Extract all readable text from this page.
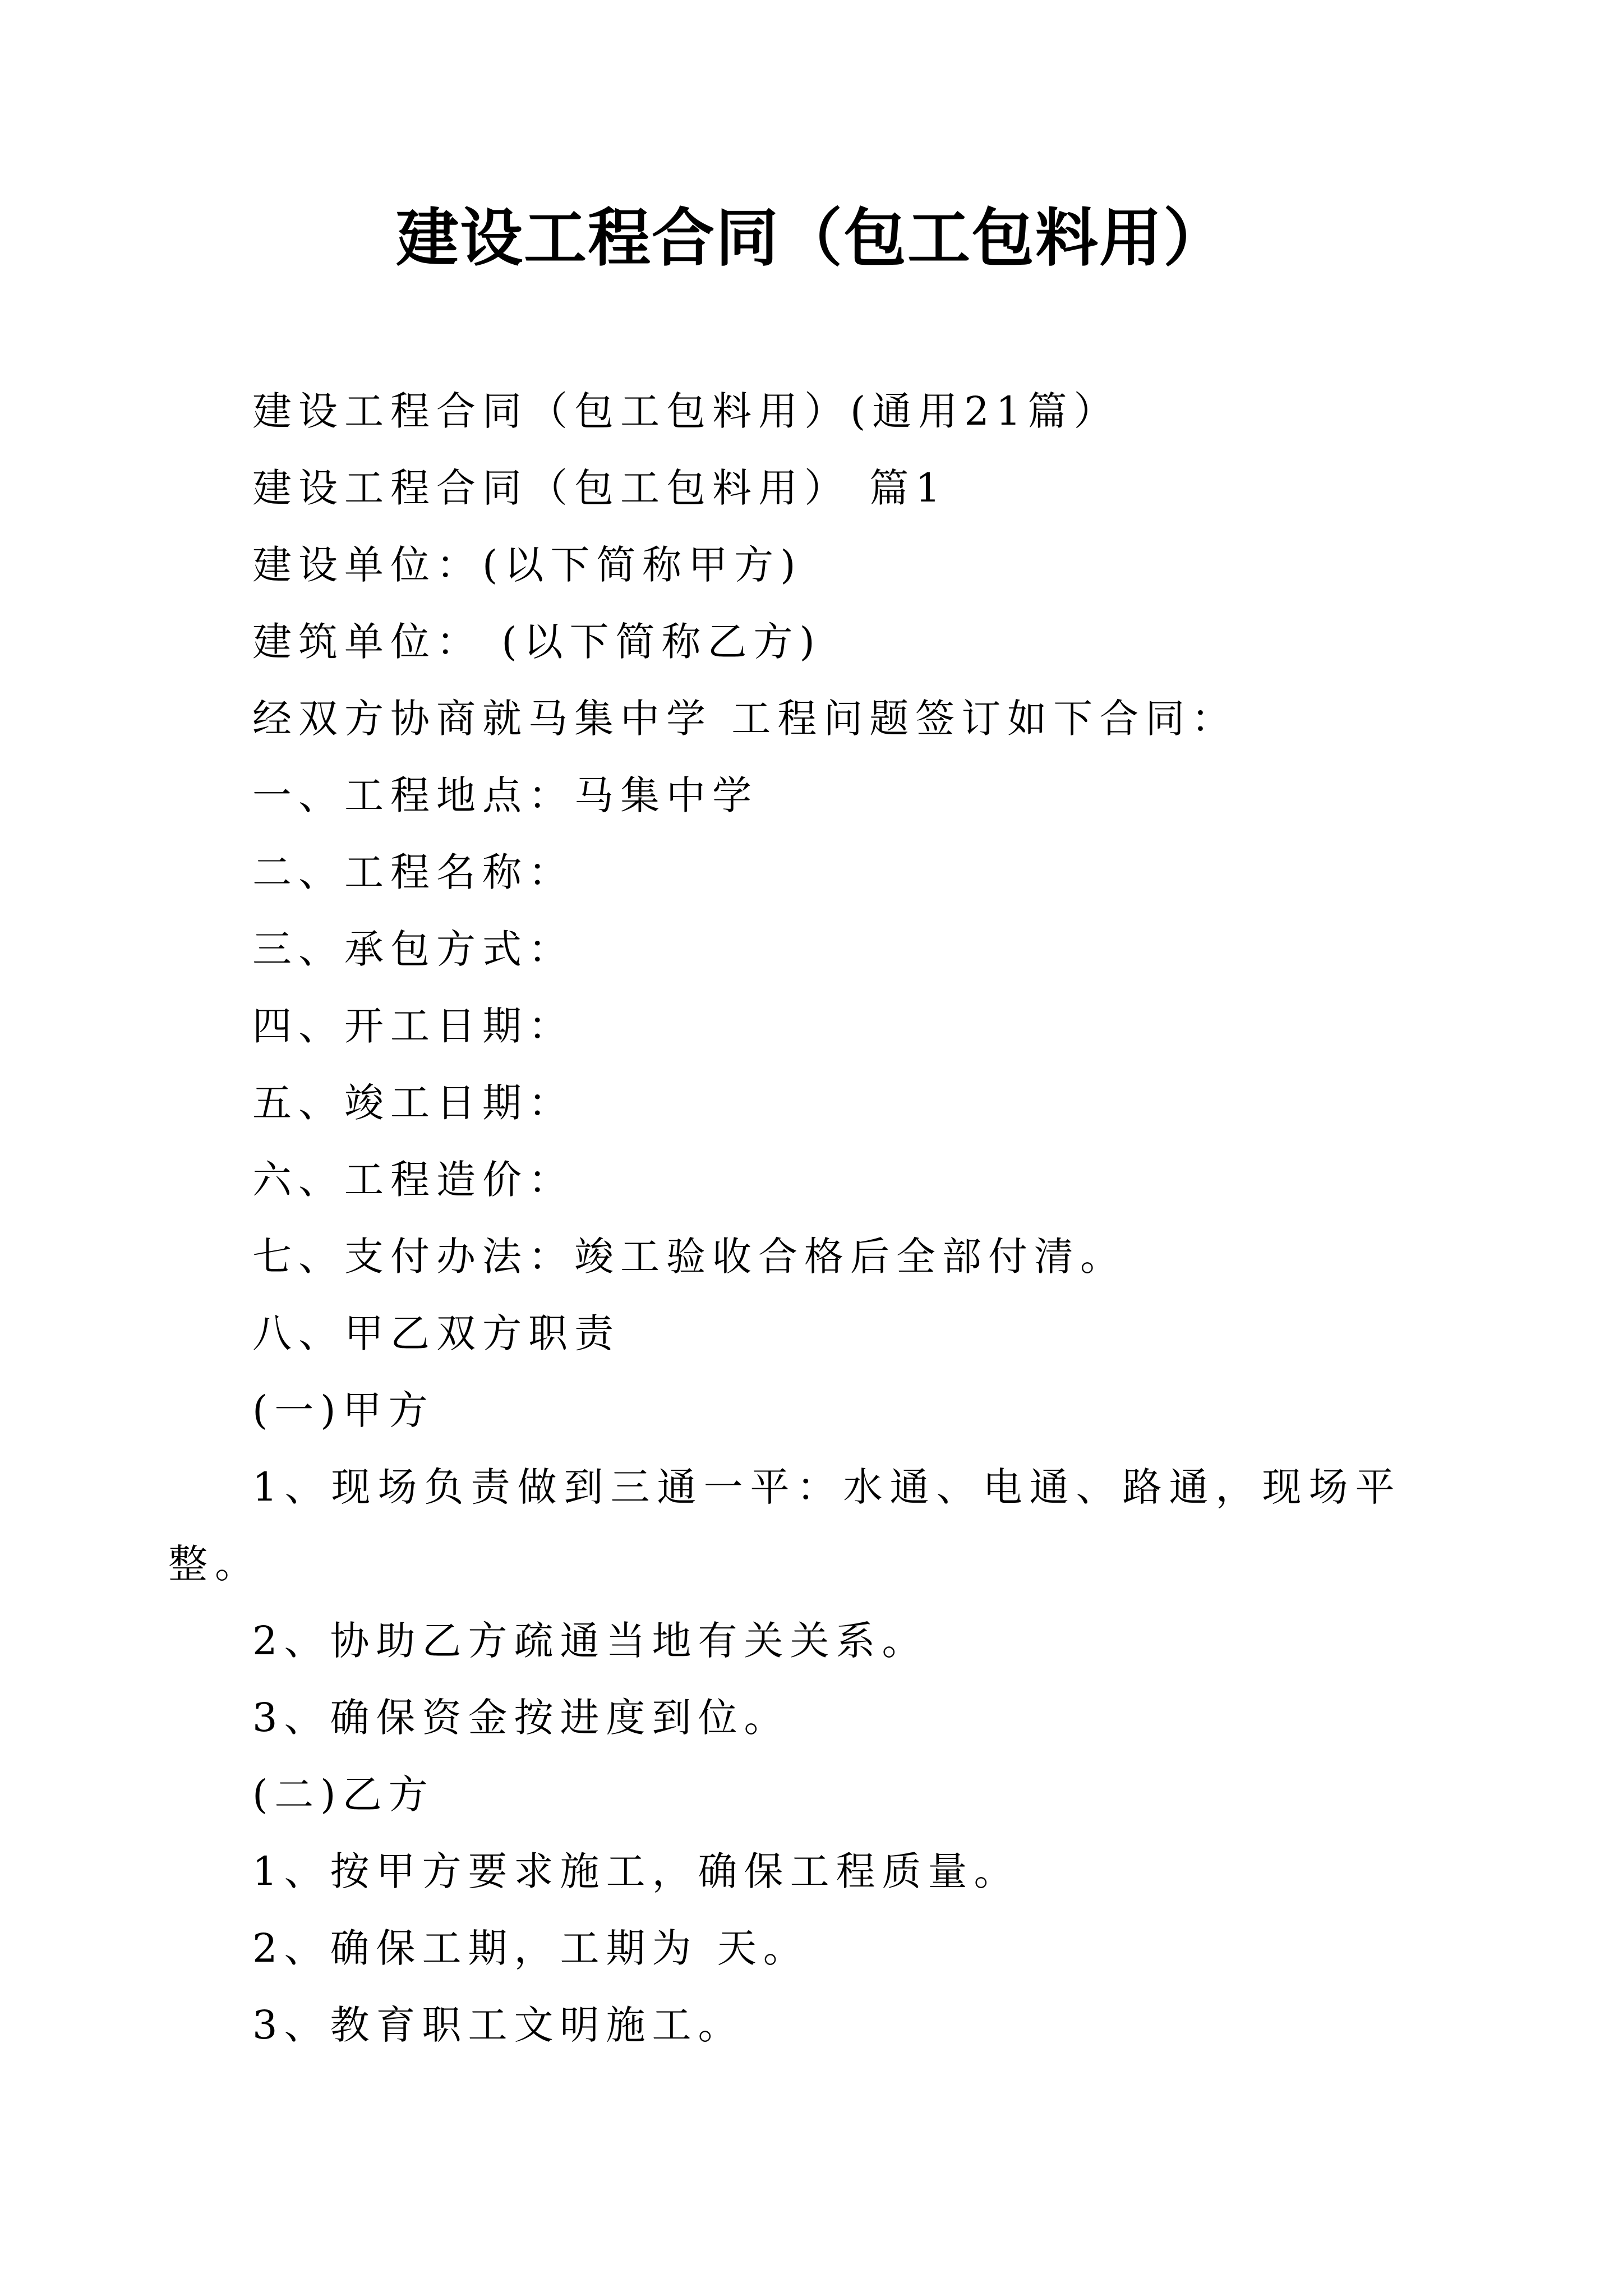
建设工程合同（包工包料用）
建设工程合同（包工包料用）(通用21篇）
建设工程合同（包工包料用） 篇1
建设单位：(以下简称甲方)
建筑单位： (以下简称乙方)
经双方协商就马集中学 工程问题签订如下合同：
一、工程地点：马集中学
二、工程名称：
三、承包方式：
四、开工日期：
五、竣工日期：
六、工程造价：
七、支付办法：竣工验收合格后全部付清。
八、甲乙双方职责
(一)甲方
1、现场负责做到三通一平：水通、电通、路通，现场平整。
2、协助乙方疏通当地有关关系。
3、确保资金按进度到位。
(二)乙方
1、按甲方要求施工，确保工程质量。
2、确保工期，工期为 天。
3、教育职工文明施工。
